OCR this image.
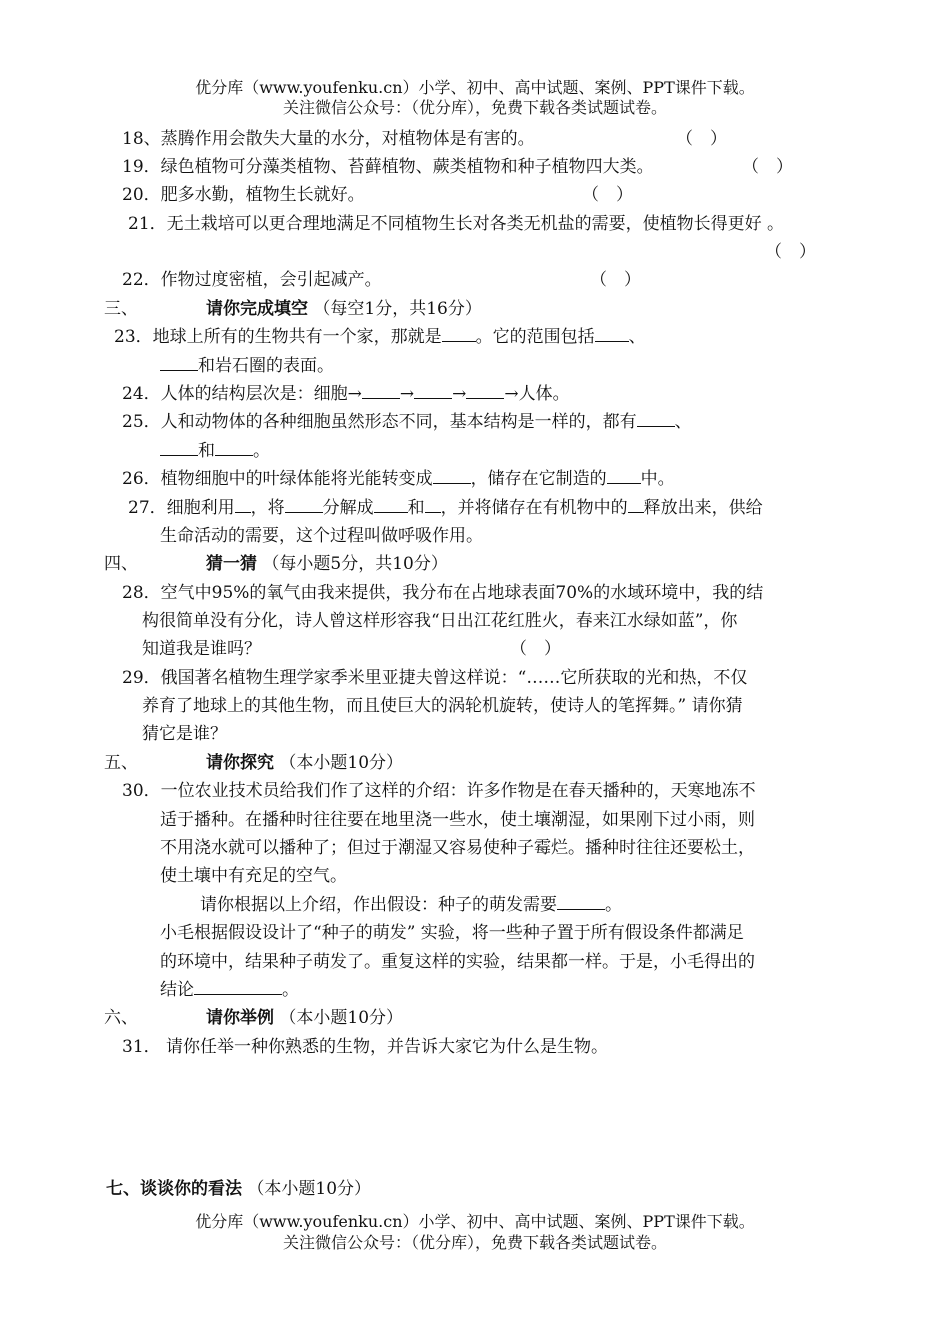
优分库（www.youfenku.cn）小学、初中、高中试题、案例、PPT课件下载。
关注微信公众号：（优分库），免费下载各类试题试卷。
18、蒸腾作用会散失大量的水分，对植物体是有害的。	（　）
19．绿色植物可分藻类植物、苔藓植物、蕨类植物和种子植物四大类。	（　）
20．肥多水勤，植物生长就好。	（　）
21．无土栽培可以更合理地满足不同植物生长对各类无机盐的需要，使植物长得更好 。
（　）
22．作物过度密植，会引起减产。	（　）
三、	请你完成填空 （每空1分，共16分）
23．地球上所有的生物共有一个家，那就是 。它的范围包括 、
和岩石圈的表面。
24．人体的结构层次是：细胞→ → → →人体。
25．人和动物体的各种细胞虽然形态不同，基本结构是一样的，都有 、
和 。
26．植物细胞中的叶绿体能将光能转变成 ，储存在它制造的 中。
27．细胞利用 ，将 分解成 和 ，并将储存在有机物中的 释放出来，供给
生命活动的需要，这个过程叫做呼吸作用。
四、	猜一猜 （每小题5分，共10分）
28．空气中95%的氧气由我来提供，我分布在占地球表面70%的水域环境中，我的结
构很简单没有分化，诗人曾这样形容我“日出江花红胜火，春来江水绿如蓝”，你
知道我是谁吗？	（　）
29．俄国著名植物生理学家季米里亚捷夫曾这样说：“……它所获取的光和热，不仅
养育了地球上的其他生物，而且使巨大的涡轮机旋转，使诗人的笔挥舞。” 请你猜
猜它是谁？
五、	请你探究 （本小题10分）
30．一位农业技术员给我们作了这样的介绍：许多作物是在春天播种的，天寒地冻不
适于播种。在播种时往往要在地里浇一些水，使土壤潮湿，如果刚下过小雨，则
不用浇水就可以播种了；但过于潮湿又容易使种子霉烂。播种时往往还要松土，
使土壤中有充足的空气。
请你根据以上介绍，作出假设：种子的萌发需要	。
小毛根据假设设计了“种子的萌发” 实验，将一些种子置于所有假设条件都满足
的环境中，结果种子萌发了。重复这样的实验，结果都一样。于是，小毛得出的
结论	。
六、	请你举例 （本小题10分）
31． 请你任举一种你熟悉的生物，并告诉大家它为什么是生物。
七、谈谈你的看法 （本小题10分）
优分库（www.youfenku.cn）小学、初中、高中试题、案例、PPT课件下载。
关注微信公众号：（优分库），免费下载各类试题试卷。
